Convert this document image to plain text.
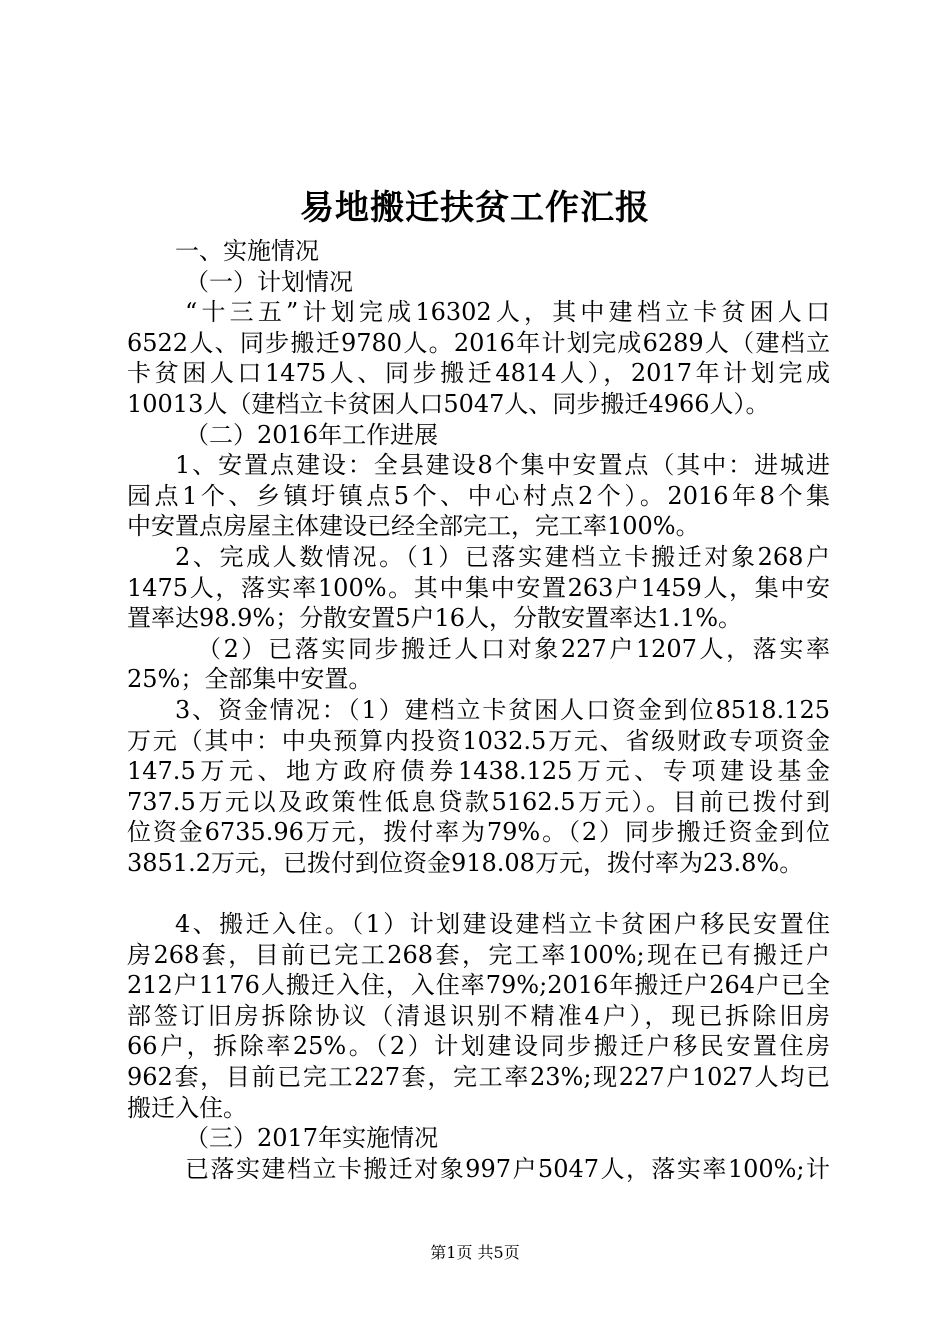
易地搬迁扶贫工作汇报
一、实施情况
（一）计划情况
“十三五”计划完成16302人，其中建档立卡贫困人口
6522人、同步搬迁9780人。2016年计划完成6289人（建档立
卡贫困人口1475人、同步搬迁4814人），2017年计划完成
10013人（建档立卡贫困人口5047人、同步搬迁4966人）。
（二）2016年工作进展
1、安置点建设：全县建设8个集中安置点（其中：进城进
园点1个、乡镇圩镇点5个、中心村点2个）。2016年8个集
中安置点房屋主体建设已经全部完工，完工率100%。
2、完成人数情况。（1）已落实建档立卡搬迁对象268户
1475人，落实率100%。其中集中安置263户1459人，集中安
置率达98.9%；分散安置5户16人，分散安置率达1.1%。
（2）已落实同步搬迁人口对象227户1207人，落实率
25%；全部集中安置。
3、资金情况：（1）建档立卡贫困人口资金到位8518.125
万元（其中：中央预算内投资1032.5万元、省级财政专项资金
147.5万元、地方政府债券1438.125万元、专项建设基金
737.5万元以及政策性低息贷款5162.5万元）。目前已拨付到
位资金6735.96万元，拨付率为79%。（2）同步搬迁资金到位
3851.2万元，已拨付到位资金918.08万元，拨付率为23.8%。
4、搬迁入住。（1）计划建设建档立卡贫困户移民安置住
房268套，目前已完工268套，完工率100%;现在已有搬迁户
212户1176人搬迁入住，入住率79%;2016年搬迁户264户已全
部签订旧房拆除协议（清退识别不精准4户），现已拆除旧房
66户，拆除率25%。（2）计划建设同步搬迁户移民安置住房
962套，目前已完工227套，完工率23%;现227户1027人均已
搬迁入住。
（三）2017年实施情况
已落实建档立卡搬迁对象997户5047人，落实率100%;计
第1页 共5页
